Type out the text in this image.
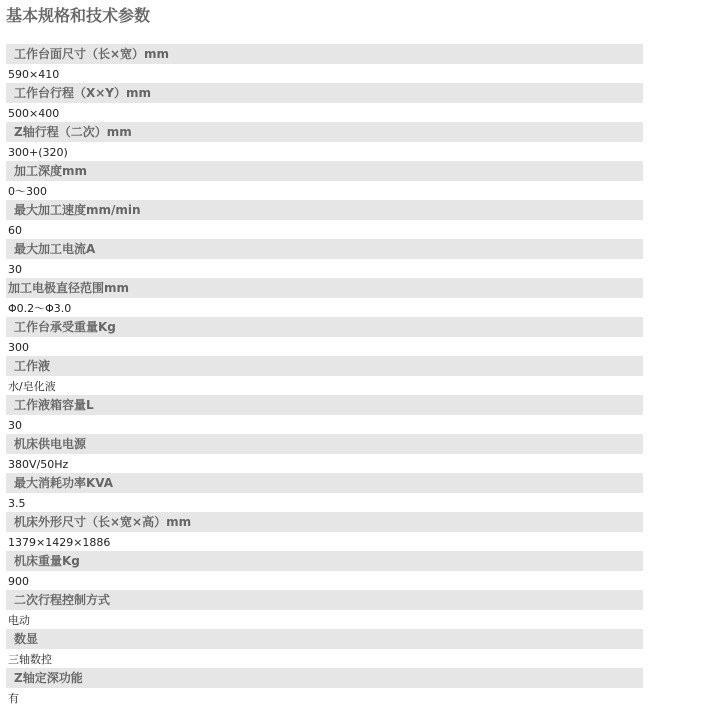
基本规格和技术参数
工作台面尺寸（长×宽）mm
590×410
工作台行程（X×Y）mm
500×400
Z轴行程（二次）mm
300+(320)
加工深度mm
0～300
最大加工速度mm/min
60
最大加工电流A
30
加工电极直径范围mm
Φ0.2～Φ3.0
工作台承受重量Kg
300
工作液
水/皂化液
工作液箱容量L
30
机床供电电源
380V/50Hz
最大消耗功率KVA
3.5
机床外形尺寸（长×宽×高）mm
1379×1429×1886
机床重量Kg
900
二次行程控制方式
电动
数显
三轴数控
Z轴定深功能
有
